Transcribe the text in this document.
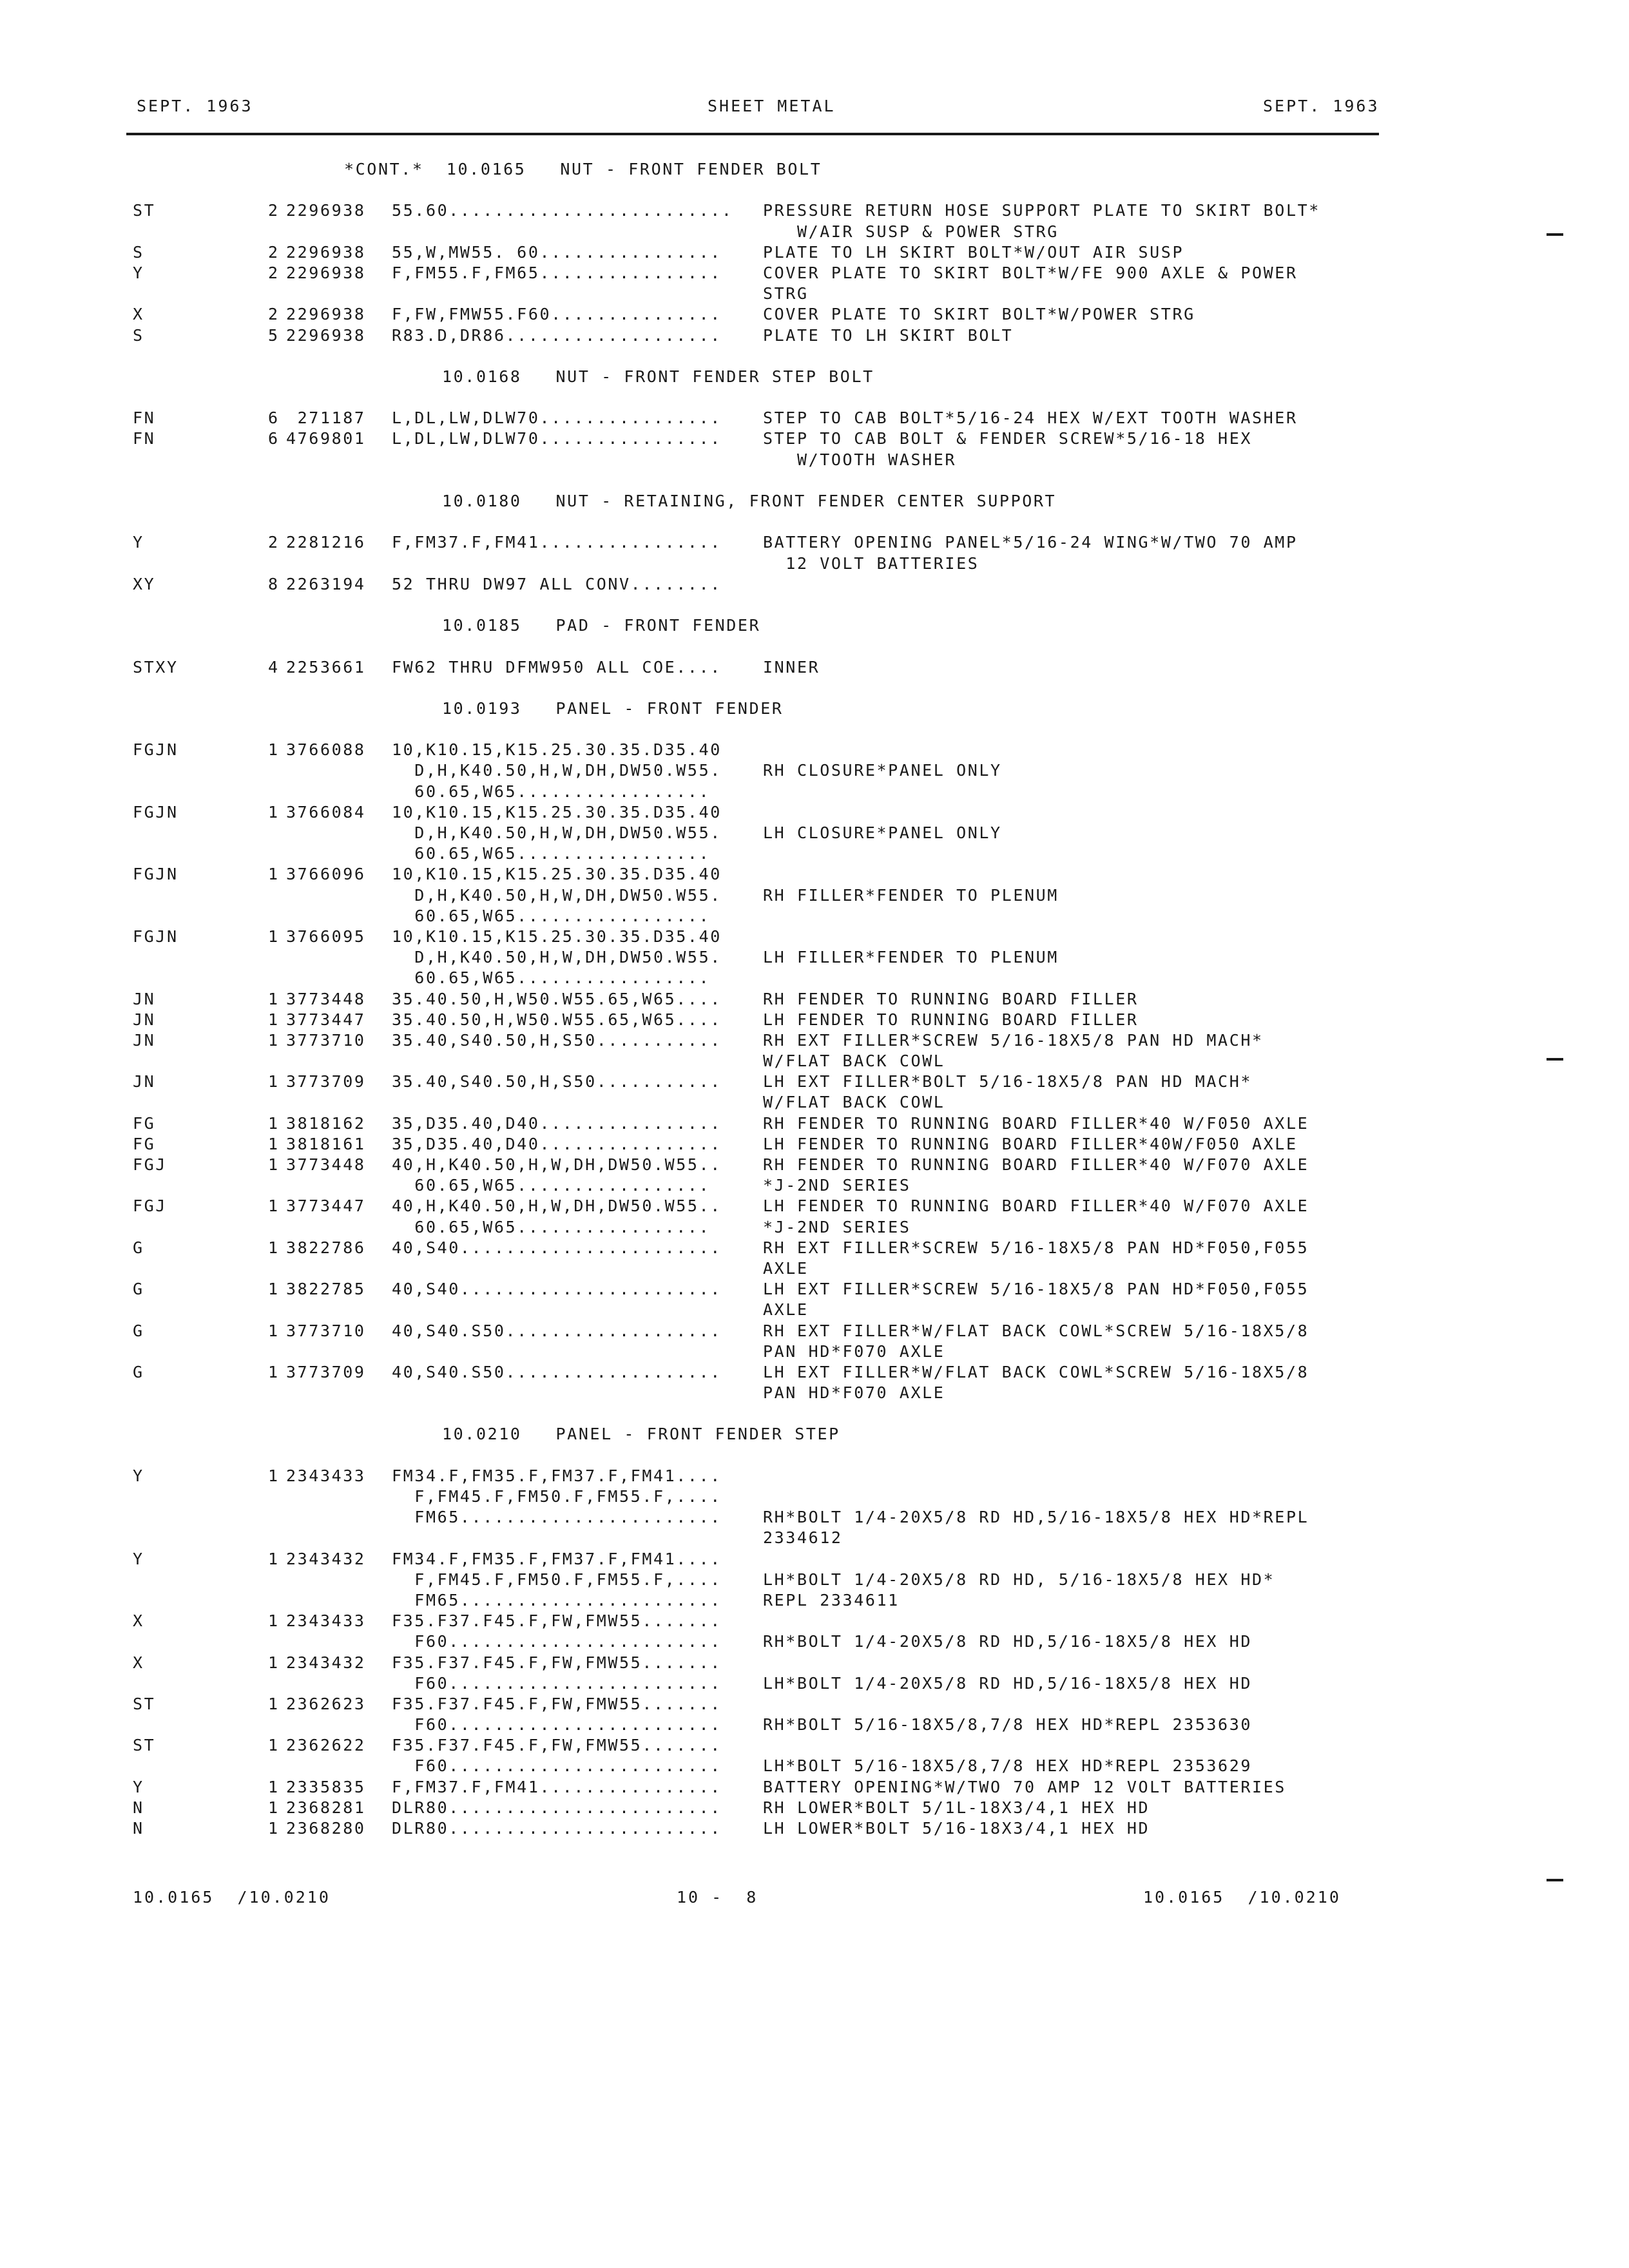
SEPT. 1963	SHEET METAL	SEPT. 1963
*CONT.*  10.0165   NUT - FRONT FENDER BOLT
ST	2 2296938 55.60......................... PRESSURE RETURN HOSE SUPPORT PLATE TO SKIRT BOLT*
W/AIR SUSP & POWER STRG
S	2 2296938 55,W,MW55. 60................	PLATE TO LH SKIRT BOLT*W/OUT AIR SUSP
Y	2 2296938 F,FM55.F,FM65................	COVER PLATE TO SKIRT BOLT*W/FE 900 AXLE & POWER
STRG
X	2 2296938 F,FW,FMW55.F60...............	COVER PLATE TO SKIRT BOLT*W/POWER STRG
S	5 2296938 R83.D,DR86...................	PLATE TO LH SKIRT BOLT
10.0168   NUT - FRONT FENDER STEP BOLT
FN	6 271187 L,DL,LW,DLW70................	STEP TO CAB BOLT*5/16-24 HEX W/EXT TOOTH WASHER
FN	6 4769801 L,DL,LW,DLW70................	STEP TO CAB BOLT & FENDER SCREW*5/16-18 HEX
W/TOOTH WASHER
10.0180   NUT - RETAINING, FRONT FENDER CENTER SUPPORT
Y	2 2281216 F,FM37.F,FM41................	BATTERY OPENING PANEL*5/16-24 WING*W/TWO 70 AMP
12 VOLT BATTERIES
XY	8 2263194 52 THRU DW97 ALL CONV........
10.0185   PAD - FRONT FENDER
STXY	4 2253661 FW62 THRU DFMW950 ALL COE....	INNER
10.0193   PANEL - FRONT FENDER
FGJN	1 3766088 10,K10.15,K15.25.30.35.D35.40
D,H,K40.50,H,W,DH,DW50.W55.	RH CLOSURE*PANEL ONLY
60.65,W65.................
FGJN	1 3766084 10,K10.15,K15.25.30.35.D35.40
D,H,K40.50,H,W,DH,DW50.W55.	LH CLOSURE*PANEL ONLY
60.65,W65.................
FGJN	1 3766096 10,K10.15,K15.25.30.35.D35.40
D,H,K40.50,H,W,DH,DW50.W55.	RH FILLER*FENDER TO PLENUM
60.65,W65.................
FGJN	1 3766095 10,K10.15,K15.25.30.35.D35.40
D,H,K40.50,H,W,DH,DW50.W55.	LH FILLER*FENDER TO PLENUM
60.65,W65.................
JN	1 3773448 35.40.50,H,W50.W55.65,W65....	RH FENDER TO RUNNING BOARD FILLER
JN	1 3773447 35.40.50,H,W50.W55.65,W65....	LH FENDER TO RUNNING BOARD FILLER
JN	1 3773710 35.40,S40.50,H,S50...........	RH EXT FILLER*SCREW 5/16-18X5/8 PAN HD MACH*
W/FLAT BACK COWL
JN	1 3773709 35.40,S40.50,H,S50...........	LH EXT FILLER*BOLT 5/16-18X5/8 PAN HD MACH*
W/FLAT BACK COWL
FG	1 3818162 35,D35.40,D40................	RH FENDER TO RUNNING BOARD FILLER*40 W/F050 AXLE
FG	1 3818161 35,D35.40,D40................	LH FENDER TO RUNNING BOARD FILLER*40W/F050 AXLE
FGJ	1 3773448 40,H,K40.50,H,W,DH,DW50.W55..	RH FENDER TO RUNNING BOARD FILLER*40 W/F070 AXLE
60.65,W65.................	*J-2ND SERIES
FGJ	1 3773447 40,H,K40.50,H,W,DH,DW50.W55..	LH FENDER TO RUNNING BOARD FILLER*40 W/F070 AXLE
60.65,W65.................	*J-2ND SERIES
G	1 3822786 40,S40.......................	RH EXT FILLER*SCREW 5/16-18X5/8 PAN HD*F050,F055
AXLE
G	1 3822785 40,S40.......................	LH EXT FILLER*SCREW 5/16-18X5/8 PAN HD*F050,F055
AXLE
G	1 3773710 40,S40.S50...................	RH EXT FILLER*W/FLAT BACK COWL*SCREW 5/16-18X5/8
PAN HD*F070 AXLE
G	1 3773709 40,S40.S50...................	LH EXT FILLER*W/FLAT BACK COWL*SCREW 5/16-18X5/8
PAN HD*F070 AXLE
10.0210   PANEL - FRONT FENDER STEP
Y	1 2343433 FM34.F,FM35.F,FM37.F,FM41....
F,FM45.F,FM50.F,FM55.F,....
FM65.......................	RH*BOLT 1/4-20X5/8 RD HD,5/16-18X5/8 HEX HD*REPL
2334612
Y	1 2343432 FM34.F,FM35.F,FM37.F,FM41....
F,FM45.F,FM50.F,FM55.F,....	LH*BOLT 1/4-20X5/8 RD HD, 5/16-18X5/8 HEX HD*
FM65.......................	REPL 2334611
X	1 2343433 F35.F37.F45.F,FW,FMW55.......
F60........................	RH*BOLT 1/4-20X5/8 RD HD,5/16-18X5/8 HEX HD
X	1 2343432 F35.F37.F45.F,FW,FMW55.......
F60........................	LH*BOLT 1/4-20X5/8 RD HD,5/16-18X5/8 HEX HD
ST	1 2362623 F35.F37.F45.F,FW,FMW55.......
F60........................	RH*BOLT 5/16-18X5/8,7/8 HEX HD*REPL 2353630
ST	1 2362622 F35.F37.F45.F,FW,FMW55.......
F60........................	LH*BOLT 5/16-18X5/8,7/8 HEX HD*REPL 2353629
Y	1 2335835 F,FM37.F,FM41................	BATTERY OPENING*W/TWO 70 AMP 12 VOLT BATTERIES
N	1 2368281 DLR80........................	RH LOWER*BOLT 5/1L-18X3/4,1 HEX HD
N	1 2368280 DLR80........................	LH LOWER*BOLT 5/16-18X3/4,1 HEX HD
10.0165  /10.0210	10 -  8	10.0165  /10.0210
